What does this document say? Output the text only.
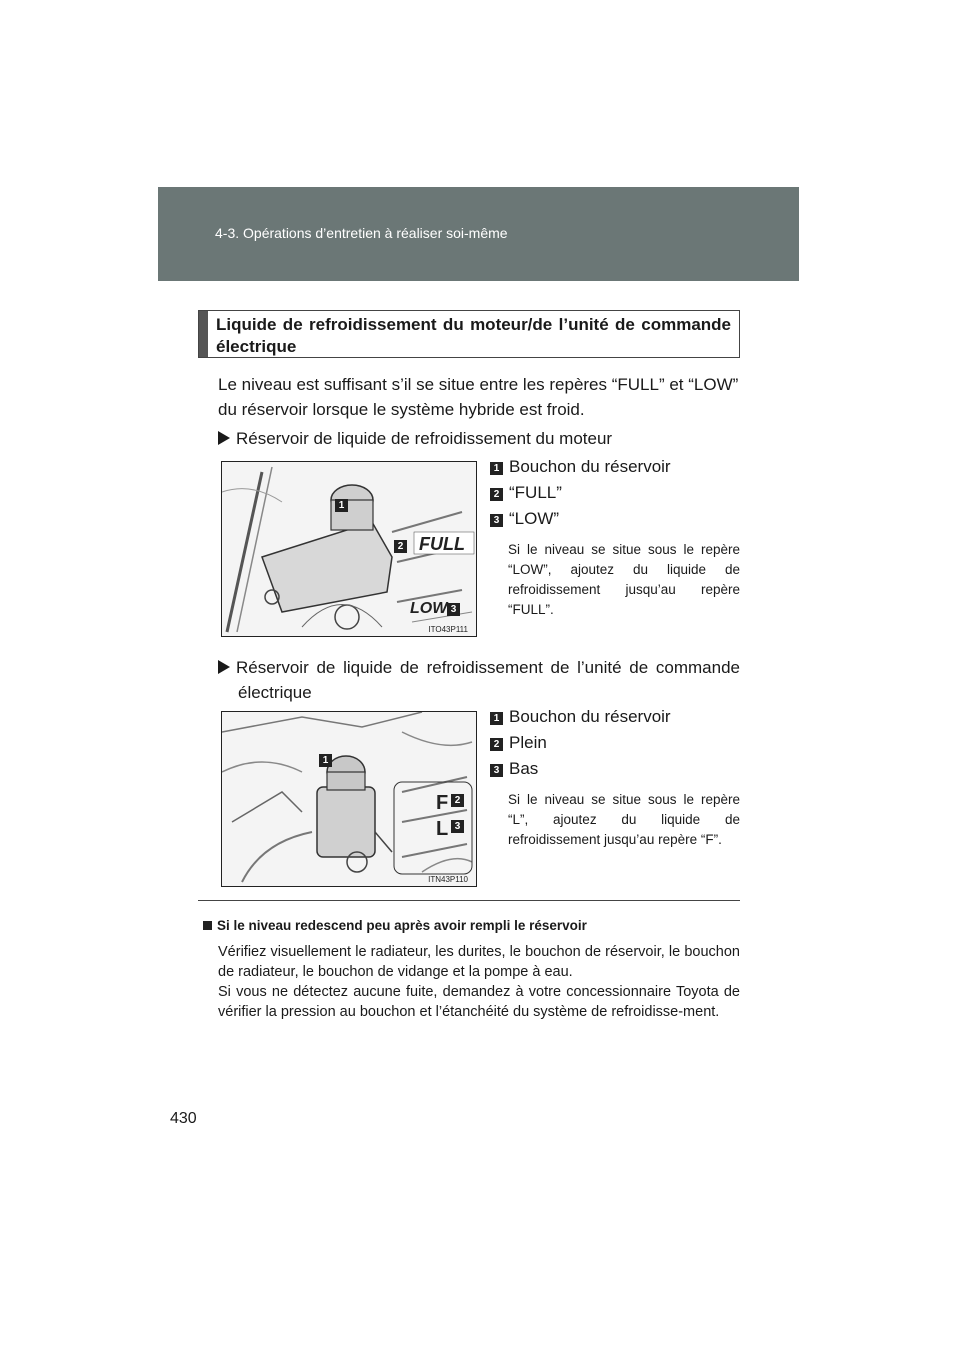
4-3. Opérations d’entretien à réaliser soi-même
Liquide de refroidissement du moteur/de l’unité de commande électrique
Le niveau est suffisant s’il se situe entre les repères “FULL” et “LOW” du réservoir lorsque le système hybride est froid.
Réservoir de liquide de refroidissement du moteur
FULL
LOW
1
2
3
ITO43P111
1 Bouchon du réservoir
2 “FULL”
3 “LOW”
Si le niveau se situe sous le repère “LOW”, ajoutez du liquide de refroidissement jusqu’au repère “FULL”.
Réservoir de liquide de refroidissement de l’unité de commande électrique
F
L
1
2
3
ITN43P110
1 Bouchon du réservoir
2 Plein
3 Bas
Si le niveau se situe sous le repère “L”, ajoutez du liquide de refroidissement jusqu’au repère “F”.
Si le niveau redescend peu après avoir rempli le réservoir

Vérifiez visuellement le radiateur, les durites, le bouchon de réservoir, le bouchon de radiateur, le bouchon de vidange et la pompe à eau.

Si vous ne détectez aucune fuite, demandez à votre concessionnaire Toyota de vérifier la pression au bouchon et l’étanchéité du système de refroidisse-ment.

430
